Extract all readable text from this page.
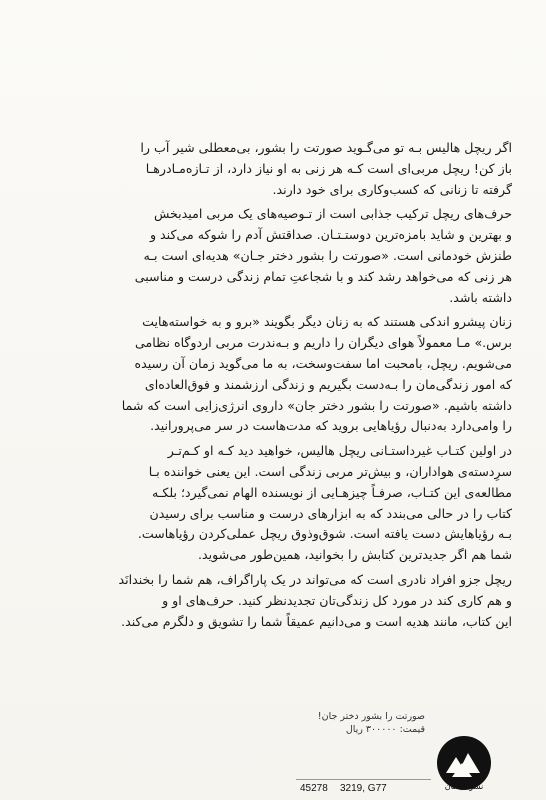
اگر ریچل هالیس بـه تو می‌گـوید صورتت را بشور، بی‌معطلی شیر آب را
باز کن! ریچل مربی‌ای است کـه هر زنی به او نیاز دارد، از تـازه‌مـادرهـا
گرفته تا زنانی که کسب‌وکاری برای خود دارند.

حرف‌های ریچل ترکیب جذابی است از تـوصیه‌های یک مربی امیدبخش
و بهترین و شاید بامزه‌ترین دوستـتـان. صداقتش آدم را شوکه می‌کند و
طنزش خودمانی است. «صورتت را بشور دختر جـان» هدیه‌ای است بـه
هر زنی که می‌خواهد رشد کند و با شجاعتِ تمام زندگی درست و مناسبی
داشته باشد.

زنان پیشرو اندکی هستند که به زنان دیگر بگویند «برو و به خواسته‌هایت
برس.» مـا معمولاً هوای دیگران را داریم و بـه‌ندرت مربی اردوگاه نظامی
می‌شویم. ریچل، بامحبت اما سفت‌وسخت، به ما می‌گوید زمان آن رسیده
که امور زندگی‌مان را بـه‌دست بگیریم و زندگی ارزشمند و فوق‌العاده‌ای
داشته باشیم. «صورتت را بشور دختر جان» داروی انرژی‌زایی است که شما
را وامی‌دارد به‌دنبال رؤیاهایی بروید که مدت‌هاست در سر می‌پرورانید.

در اولین کتـاب غیرداستـانی ریچل هالیس، خواهید دید کـه او کـم‌تـر
سرِدسته‌ی هواداران، و بیش‌تر مربی زندگی است. این یعنی خواننده بـا
مطالعه‌ی این کتـاب، صرفـاً چیزهـایی از نویسنده الهام نمی‌گیرد؛ بلکـه
کتاب را در حالی می‌بندد که به ابزارهای درست و مناسب برای رسیدن
بـه رؤیاهایش دست یافته است. شوق‌وذوق ریچل عملی‌کردن رؤیاهاست.
شما هم اگر جدیدترین کتابش را بخوانید، همین‌طور می‌شوید.

ریچل جزو افراد نادری است که می‌تواند در یک پاراگراف، هم شما را بخندانَد
و هم کاری کند در مورد کل زندگی‌تان تجدیدنظر کنید. حرف‌های او و
این کتاب، مانند هدیه است و می‌دانیم عمیقاً شما را تشویق و دلگرم می‌کند.

صورتت را بشور دختر جان!
قیمت: ۳۰۰۰۰۰ ریال
نشر میلکان
45278	3219, G77
